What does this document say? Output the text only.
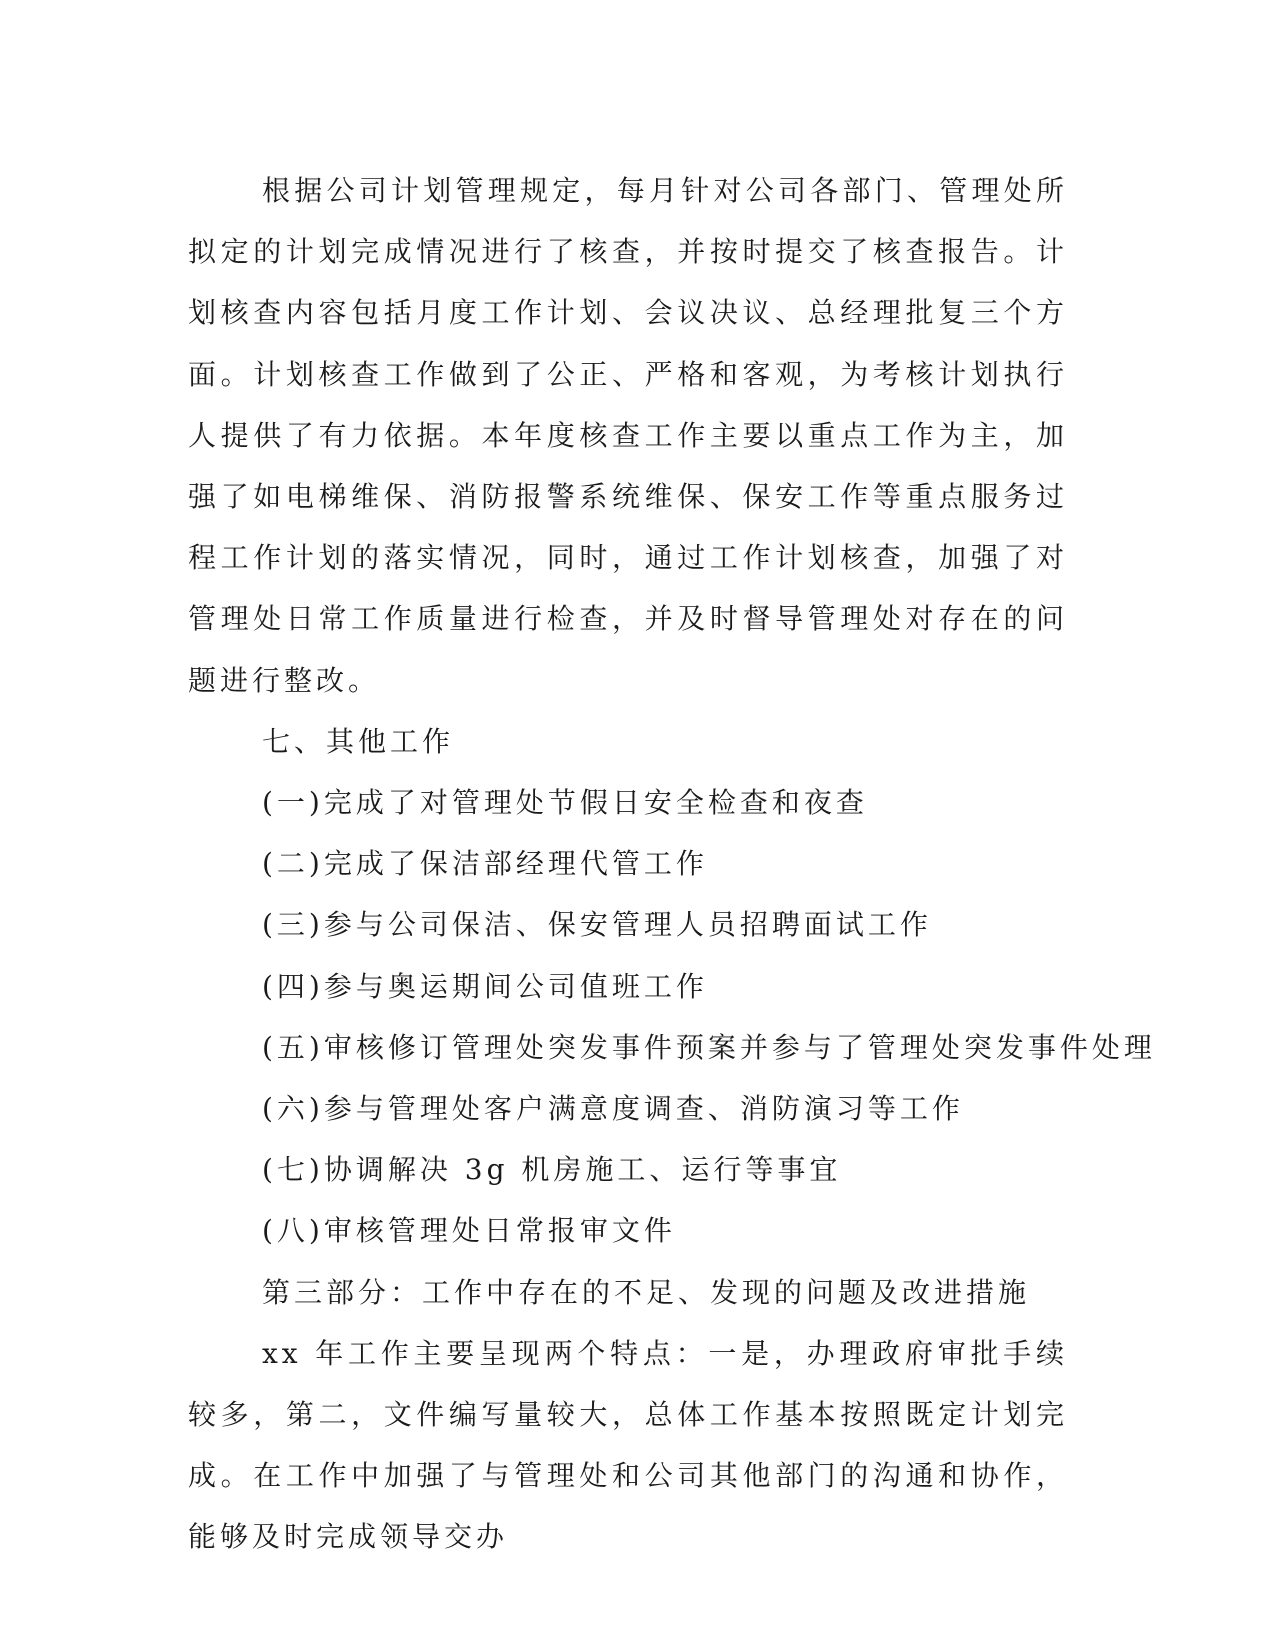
根据公司计划管理规定，每月针对公司各部门、管理处所拟定的计划完成情况进行了核查，并按时提交了核查报告。计划核查内容包括月度工作计划、会议决议、总经理批复三个方面。计划核查工作做到了公正、严格和客观，为考核计划执行人提供了有力依据。本年度核查工作主要以重点工作为主，加强了如电梯维保、消防报警系统维保、保安工作等重点服务过程工作计划的落实情况，同时，通过工作计划核查，加强了对管理处日常工作质量进行检查，并及时督导管理处对存在的问题进行整改。

七、其他工作

(一)完成了对管理处节假日安全检查和夜查

(二)完成了保洁部经理代管工作

(三)参与公司保洁、保安管理人员招聘面试工作

(四)参与奥运期间公司值班工作

(五)审核修订管理处突发事件预案并参与了管理处突发事件处理

(六)参与管理处客户满意度调查、消防演习等工作

(七)协调解决 3g 机房施工、运行等事宜

(八)审核管理处日常报审文件

第三部分：工作中存在的不足、发现的问题及改进措施

xx 年工作主要呈现两个特点：一是，办理政府审批手续较多，第二，文件编写量较大，总体工作基本按照既定计划完成。在工作中加强了与管理处和公司其他部门的沟通和协作，能够及时完成领导交办
